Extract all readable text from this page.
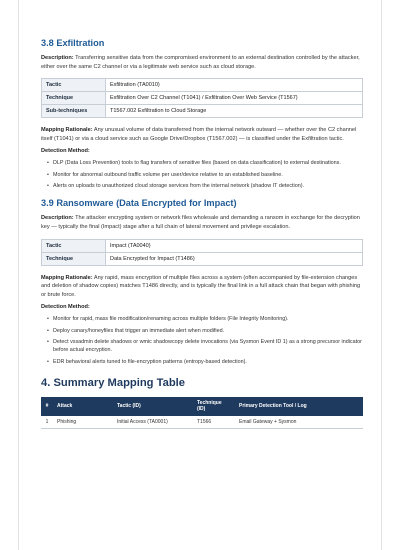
3.8 Exfiltration

Description: Transferring sensitive data from the compromised environment to an external destination controlled by the attacker, either over the same C2 channel or via a legitimate web service such as cloud storage.

Tactic	Exfiltration (TA0010)
Technique	Exfiltration Over C2 Channel (T1041) / Exfiltration Over Web Service (T1567)
Sub-techniques	T1567.002 Exfiltration to Cloud Storage

Mapping Rationale: Any unusual volume of data transferred from the internal network outward — whether over the C2 channel itself (T1041) or via a cloud service such as Google Drive/Dropbox (T1567.002) — is classified under the Exfiltration tactic.

Detection Method:
• DLP (Data Loss Prevention) tools to flag transfers of sensitive files (based on data classification) to external destinations.
• Monitor for abnormal outbound traffic volume per user/device relative to an established baseline.
• Alerts on uploads to unauthorized cloud storage services from the internal network (shadow IT detection).
3.9 Ransomware (Data Encrypted for Impact)

Description: The attacker encrypting system or network files wholesale and demanding a ransom in exchange for the decryption key — typically the final (Impact) stage after a full chain of lateral movement and privilege escalation.

Tactic	Impact (TA0040)
Technique	Data Encrypted for Impact (T1486)

Mapping Rationale: Any rapid, mass encryption of multiple files across a system (often accompanied by file-extension changes and deletion of shadow copies) matches T1486 directly, and is typically the final link in a full attack chain that began with phishing or brute force.

Detection Method:
• Monitor for rapid, mass file modification/renaming across multiple folders (File Integrity Monitoring).
• Deploy canary/honeyfiles that trigger an immediate alert when modified.
• Detect vssadmin delete shadows or wmic shadowcopy delete invocations (via Sysmon Event ID 1) as a strong precursor indicator before actual encryption.
• EDR behavioral alerts tuned to file-encryption patterns (entropy-based detection).
4. Summary Mapping Table
#	Attack	Tactic (ID)	Technique (ID)	Primary Detection Tool / Log
1	Phishing	Initial Access (TA0001)	T1566	Email Gateway + Sysmon
